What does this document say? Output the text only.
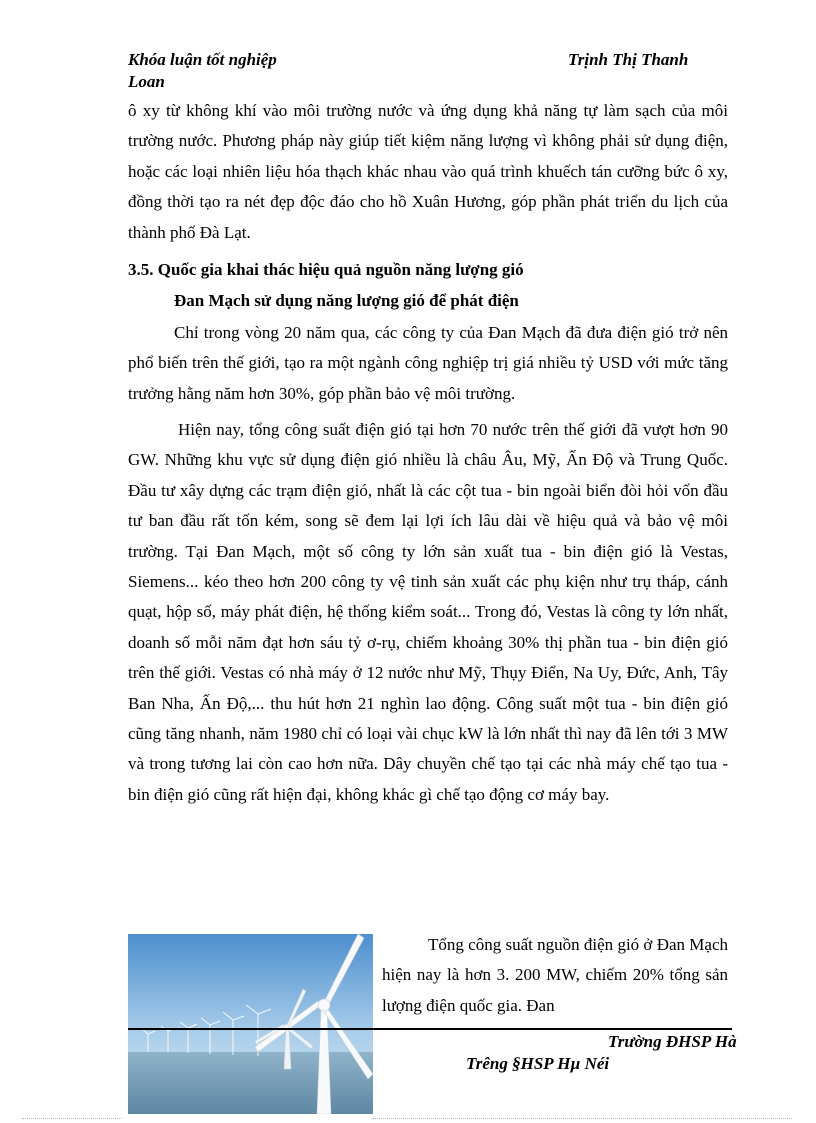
Khóa luận tốt nghiệp
Loan
Trịnh Thị Thanh

ô xy từ không khí vào môi trường nước và ứng dụng khả năng tự làm sạch của môi trường nước. Phương pháp này giúp tiết kiệm năng lượng vì không phải sử dụng điện, hoặc các loại nhiên liệu hóa thạch khác nhau vào quá trình khuếch tán cưỡng bức ô xy, đồng thời tạo ra nét đẹp độc đáo cho hồ Xuân Hương, góp phần phát triển du lịch của thành phố Đà Lạt.

3.5. Quốc gia khai thác hiệu quả nguồn năng lượng gió

Đan Mạch sử dụng năng lượng gió để phát điện

Chỉ trong vòng 20 năm qua, các công ty của Đan Mạch đã đưa điện gió trở nên phổ biến trên thế giới, tạo ra một ngành công nghiệp trị giá nhiều tỷ USD với mức tăng trưởng hằng năm hơn 30%, góp phần bảo vệ môi trường.

Hiện nay, tổng công suất điện gió tại hơn 70 nước trên thế giới đã vượt hơn 90 GW. Những khu vực sử dụng điện gió nhiều là châu Âu, Mỹ, Ấn Độ và Trung Quốc. Đầu tư xây dựng các trạm điện gió, nhất là các cột tua - bin ngoài biển đòi hỏi vốn đầu tư ban đầu rất tốn kém, song sẽ đem lại lợi ích lâu dài về hiệu quả và bảo vệ môi trường. Tại Đan Mạch, một số công ty lớn sản xuất tua - bin điện gió là Vestas, Siemens... kéo theo hơn 200 công ty vệ tinh sản xuất các phụ kiện như trụ tháp, cánh quạt, hộp số, máy phát điện, hệ thống kiểm soát... Trong đó, Vestas là công ty lớn nhất, doanh số mỗi năm đạt hơn sáu tỷ ơ-rụ, chiếm khoảng 30% thị phần tua - bin điện gió trên thế giới. Vestas có nhà máy ở 12 nước như Mỹ, Thụy Điển, Na Uy, Đức, Anh, Tây Ban Nha, Ấn Độ,... thu hút hơn 21 nghìn lao động. Công suất một tua - bin điện gió cũng tăng nhanh, năm 1980 chỉ có loại vài chục kW là lớn nhất thì nay đã lên tới 3 MW và trong tương lai còn cao hơn nữa. Dây chuyền chế tạo tại các nhà máy chế tạo tua - bin điện gió cũng rất hiện đại, không khác gì chế tạo động cơ máy bay.

Tổng công suất nguồn điện gió ở Đan Mạch hiện nay là hơn 3. 200 MW, chiếm 20% tổng sản lượng điện quốc gia. Đan

Trường ĐHSP Hà
Trêng §HSP Hµ Néi
